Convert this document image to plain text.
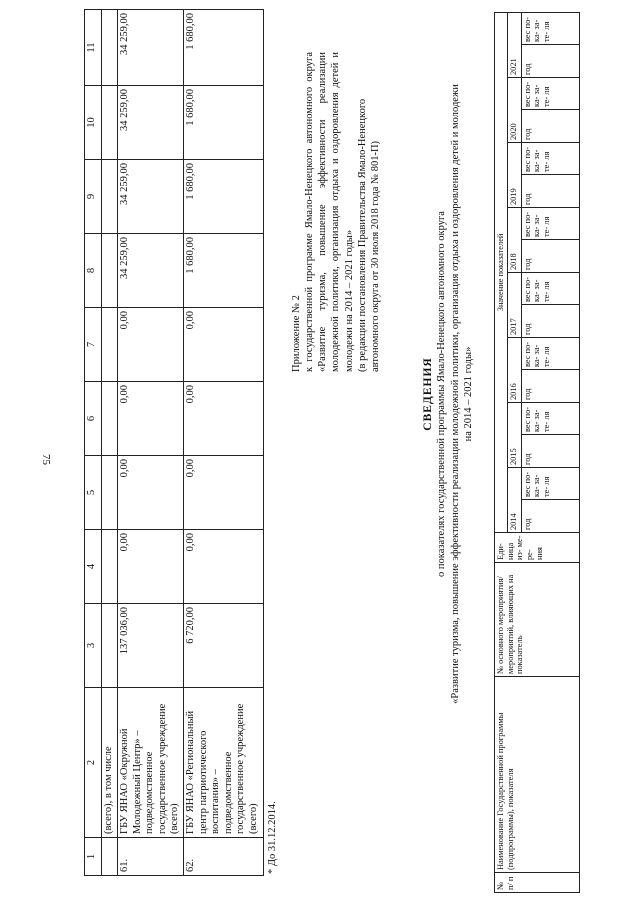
75
1	2	3	4	5	6	7	8	9	10	11
	(всего), в том числе									
61.	ГБУ ЯНАО «Окружной Молодежный Центр» – подведомственное государственное учреждение (всего)	137 036,00	0,00	0,00	0,00	0,00	34 259,00	34 259,00	34 259,00	34 259,00
62.	ГБУ ЯНАО «Региональный центр патриотического воспитания» – подведомственное государственное учреждение (всего)	6 720,00	0,00	0,00	0,00	0,00	1 680,00	1 680,00	1 680,00	1 680,00
* До 31.12.2014.
Приложение № 2 к государственной программе Ямало-Ненецкого автономного округа «Развитие туризма, повышение эффективности реализации молодежной политики, организация отдыха и оздоровления детей и молодежи на 2014 – 2021 годы» (в редакции постановления Правительства Ямало-Ненецкого автономного округа от 30 июля 2018 года № 801-П)
СВЕДЕНИЯ о показателях государственной программы Ямало-Ненецкого автономного округа «Развитие туризма, повышение эффективности реализации молодежной политики, организация отдыха и оздоровления детей и молодежи на 2014 – 2021 годы»
№ п/ п	Наименование Государственной программы (подпрограммы), показателя	№ основного мероприятия/ мероприятий, влияющих на показатель	Еди- ница из- ме- ре- ния	Значение показателей															
				2014		2015		2016		2017		2018		2019		2020		2021	
				год	вес по- ка- за- те- ля	год	вес по- ка- за- те- ля	год	вес по- ка- за- те- ля	год	вес по- ка- за- те- ля	год	вес по- ка- за- те- ля	год	вес по- ка- за- те- ля	год	вес по- ка- за- те- ля	год	вес по- ка- за- те- ля
